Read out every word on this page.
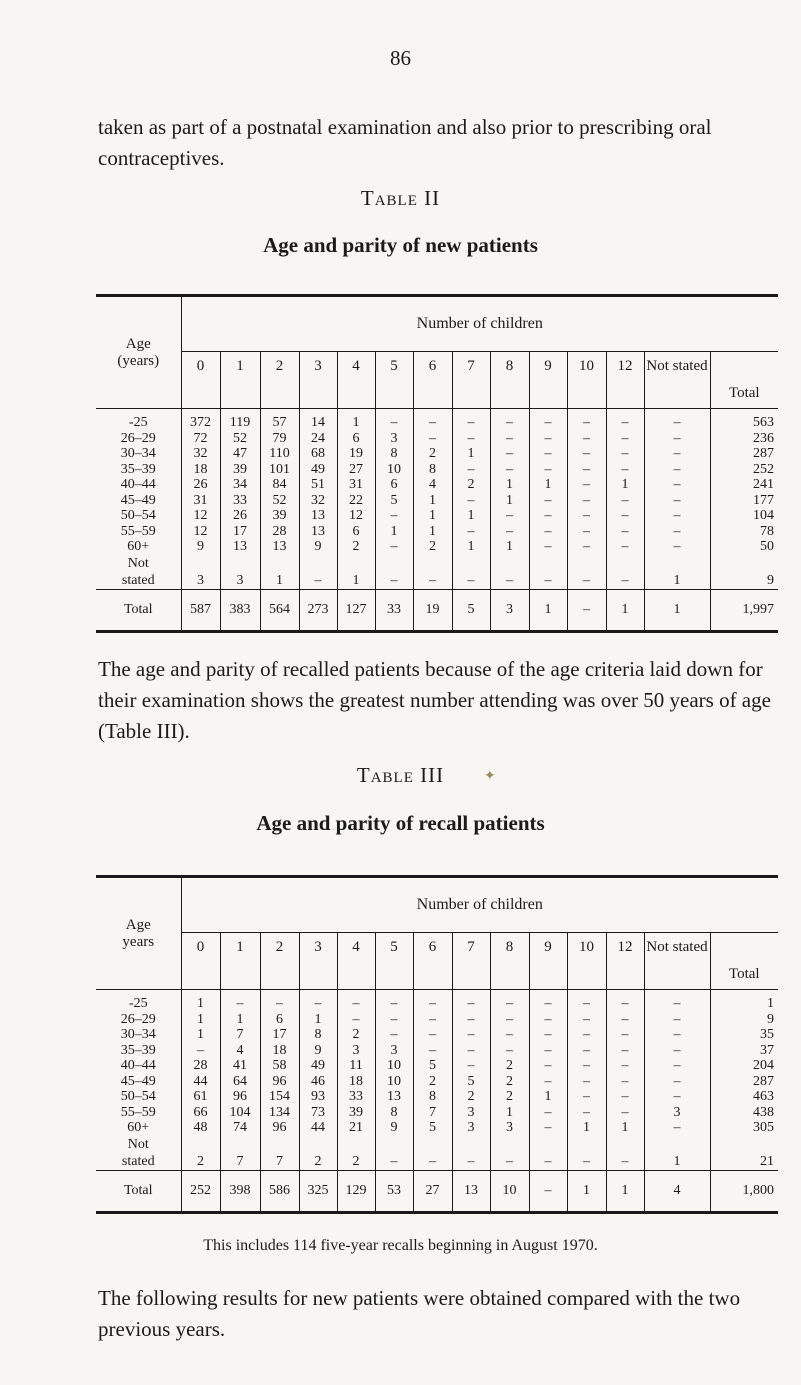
86

taken as part of a postnatal examination and also prior to prescribing oral contraceptives.

Table II
Age and parity of new patients
Age
(years)	Number of children													
	0	1	2	3	4	5	6	7	8	9	10	12	Not stated	Total
-25	372	119	57	14	1	–	–	–	–	–	–	–	–	563
26–29	72	52	79	24	6	3	–	–	–	–	–	–	–	236
30–34	32	47	110	68	19	8	2	1	–	–	–	–	–	287
35–39	18	39	101	49	27	10	8	–	–	–	–	–	–	252
40–44	26	34	84	51	31	6	4	2	1	1	–	1	–	241
45–49	31	33	52	32	22	5	1	–	1	–	–	–	–	177
50–54	12	26	39	13	12	–	1	1	–	–	–	–	–	104
55–59	12	17	28	13	6	1	1	–	–	–	–	–	–	78
60+	9	13	13	9	2	–	2	1	1	–	–	–	–	50
Not
stated	3	3	1	–	1	–	–	–	–	–	–	–	1	9
Total	587	383	564	273	127	33	19	5	3	1	–	1	1	1,997

The age and parity of recalled patients because of the age criteria laid down for their examination shows the greatest number attending was over 50 years of age (Table III).

Table III	✦
Age and parity of recall patients
Age
years	Number of children													
	0	1	2	3	4	5	6	7	8	9	10	12	Not stated	Total
-25	1	–	–	–	–	–	–	–	–	–	–	–	–	1
26–29	1	1	6	1	–	–	–	–	–	–	–	–	–	9
30–34	1	7	17	8	2	–	–	–	–	–	–	–	–	35
35–39	–	4	18	9	3	3	–	–	–	–	–	–	–	37
40–44	28	41	58	49	11	10	5	–	2	–	–	–	–	204
45–49	44	64	96	46	18	10	2	5	2	–	–	–	–	287
50–54	61	96	154	93	33	13	8	2	2	1	–	–	–	463
55–59	66	104	134	73	39	8	7	3	1	–	–	–	3	438
60+	48	74	96	44	21	9	5	3	3	–	1	1	–	305
Not
stated	2	7	7	2	2	–	–	–	–	–	–	–	1	21
Total	252	398	586	325	129	53	27	13	10	–	1	1	4	1,800
This includes 114 five-year recalls beginning in August 1970.

The following results for new patients were obtained compared with the two previous years.
